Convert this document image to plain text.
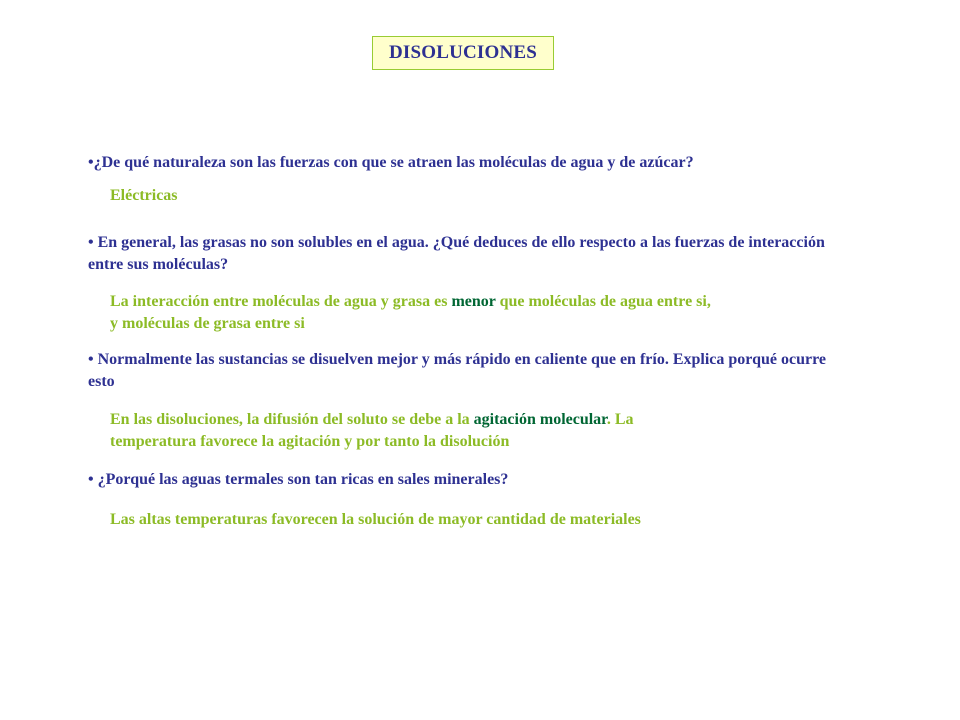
DISOLUCIONES

•¿De qué naturaleza son las fuerzas con que se atraen las moléculas de agua y de azúcar?

Eléctricas

• En general, las grasas no son solubles en el agua. ¿Qué deduces de ello respecto a las fuerzas de interacción entre sus moléculas?

La interacción entre moléculas de agua y grasa es menor que moléculas de agua entre si,
y moléculas de grasa entre si

• Normalmente las sustancias se disuelven mejor y más rápido en caliente que en frío. Explica porqué ocurre esto

En las disoluciones, la difusión del soluto se debe a la agitación molecular. La
temperatura favorece la agitación y por tanto la disolución

• ¿Porqué las aguas termales son tan ricas en sales minerales?

Las altas temperaturas favorecen la solución de mayor cantidad de materiales
